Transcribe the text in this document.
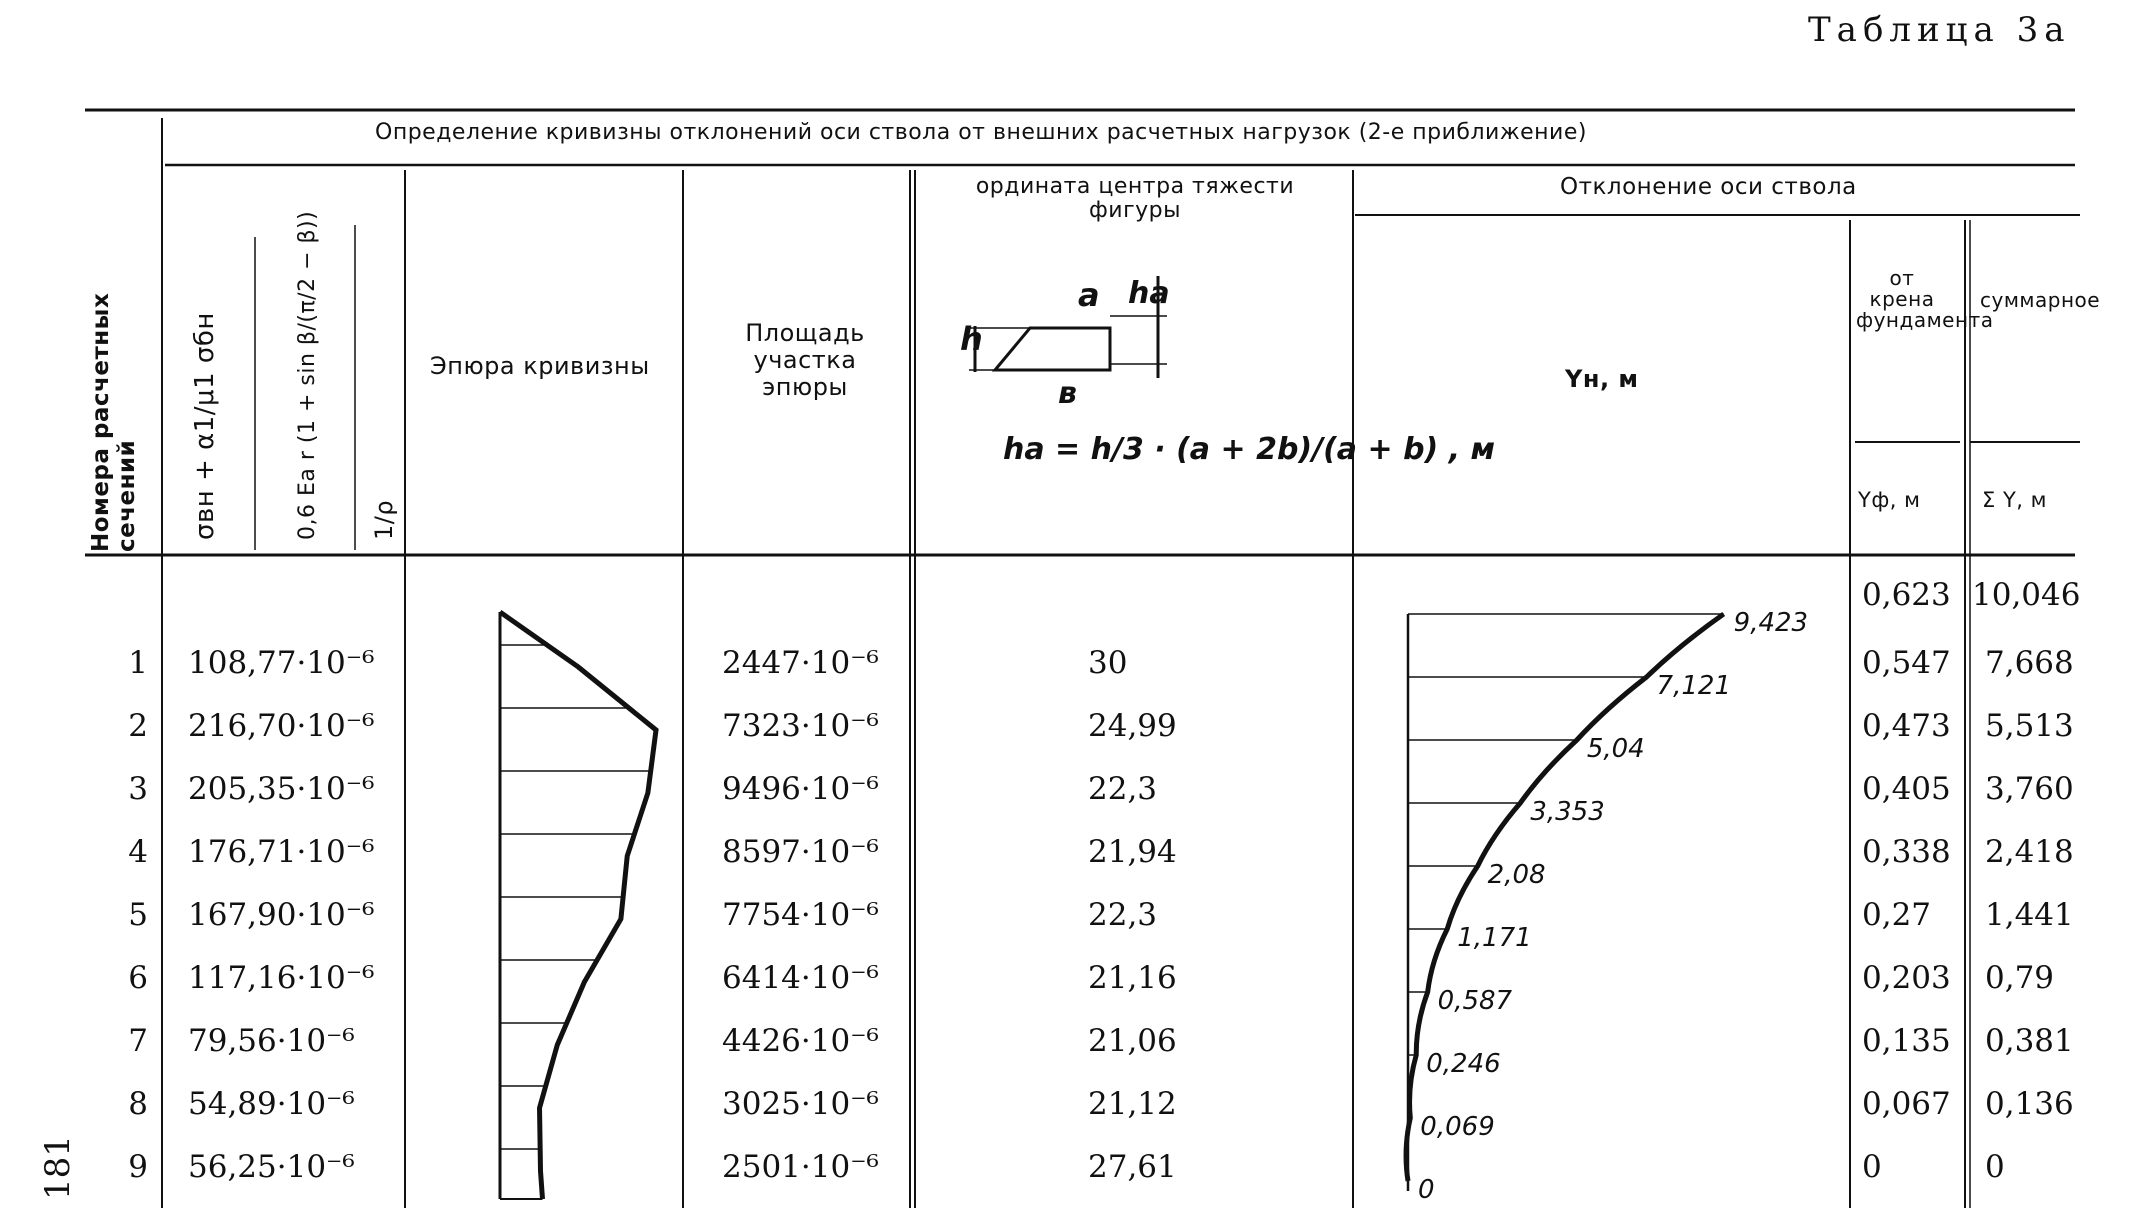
Таблица 3а
181
Определение кривизны отклонений оси ствола от внешних расчетных нагрузок (2-е приближение)
Номера расчетных сечений σвн + α1/μ1 σбн	0,6 Eа r (1 + sin β/(π/2 − β)) 1/ρ
Эпюра кривизны
Площадь участка эпюры
ордината центра тяжести фигуры
a
в
h
hа
ha = h/3 · (a + 2b)/(a + b) , м
Отклонение оси ствола
Yн, м
от крена фундамента
Yф, м
суммарное
Σ Y, м
0,623 10,046
1 108,77·10⁻⁶	2447·10⁻⁶	30	0,547 7,668
2 216,70·10⁻⁶	7323·10⁻⁶	24,99	0,473 5,513
3 205,35·10⁻⁶	9496·10⁻⁶	22,3	0,405 3,760
4 176,71·10⁻⁶	8597·10⁻⁶	21,94	0,338 2,418
5 167,90·10⁻⁶	7754·10⁻⁶	22,3	0,27 1,441
6 117,16·10⁻⁶	6414·10⁻⁶	21,16	0,203 0,79
7 79,56·10⁻⁶	4426·10⁻⁶	21,06	0,135 0,381
8 54,89·10⁻⁶	3025·10⁻⁶	21,12	0,067 0,136
9 56,25·10⁻⁶	2501·10⁻⁶	27,61	0	0
9,423
7,121
5,04
3,353
2,08
1,171
0,587
0,246
0,069
0
